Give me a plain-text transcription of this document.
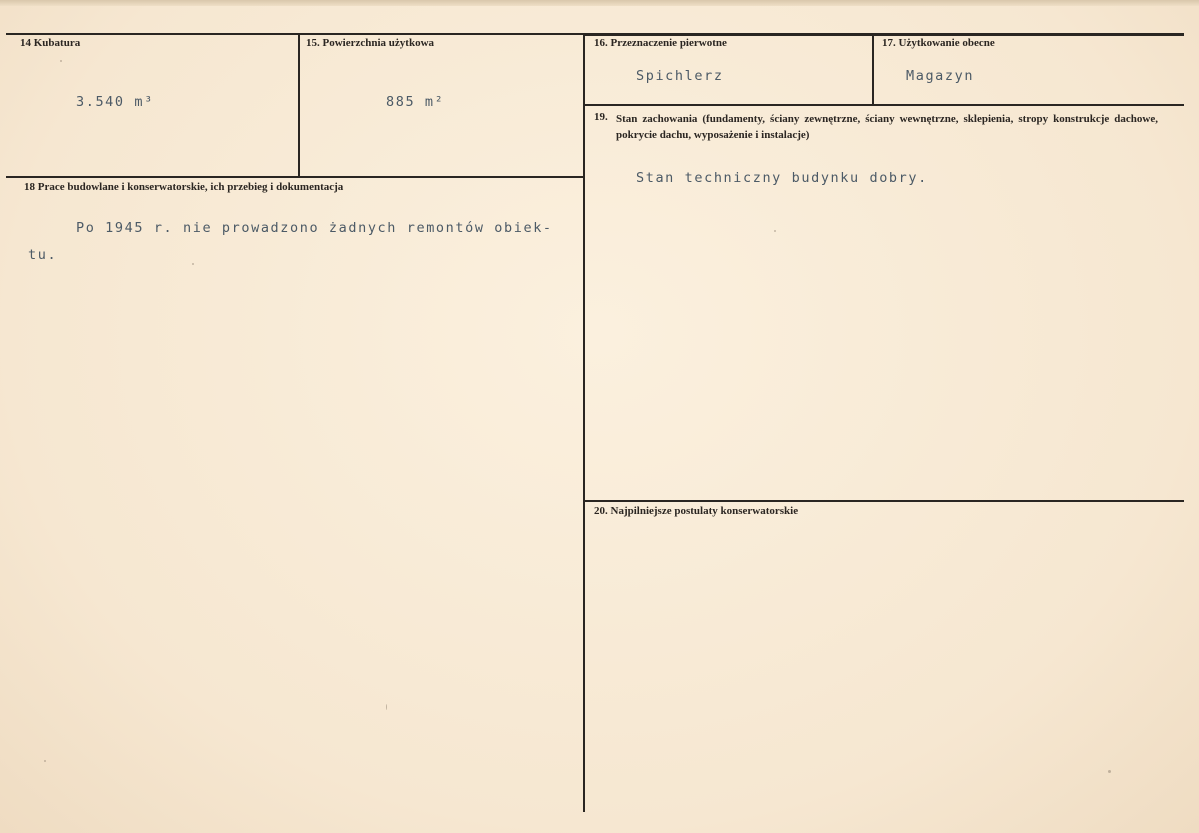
14 Kubatura
3.540 m³
15. Powierzchnia użytkowa
885 m²
16. Przeznaczenie pierwotne
Spichlerz
17. Użytkowanie obecne
Magazyn
18 Prace budowlane i konserwatorskie, ich przebieg i dokumentacja
Po 1945 r. nie prowadzono żadnych remontów obiek-tu.
19. Stan zachowania (fundamenty, ściany zewnętrzne, ściany wewnętrzne, sklepienia, stropy konstrukcje dachowe, pokrycie dachu, wyposażenie i instalacje)
Stan techniczny budynku dobry.
20. Najpilniejsze postulaty konserwatorskie
